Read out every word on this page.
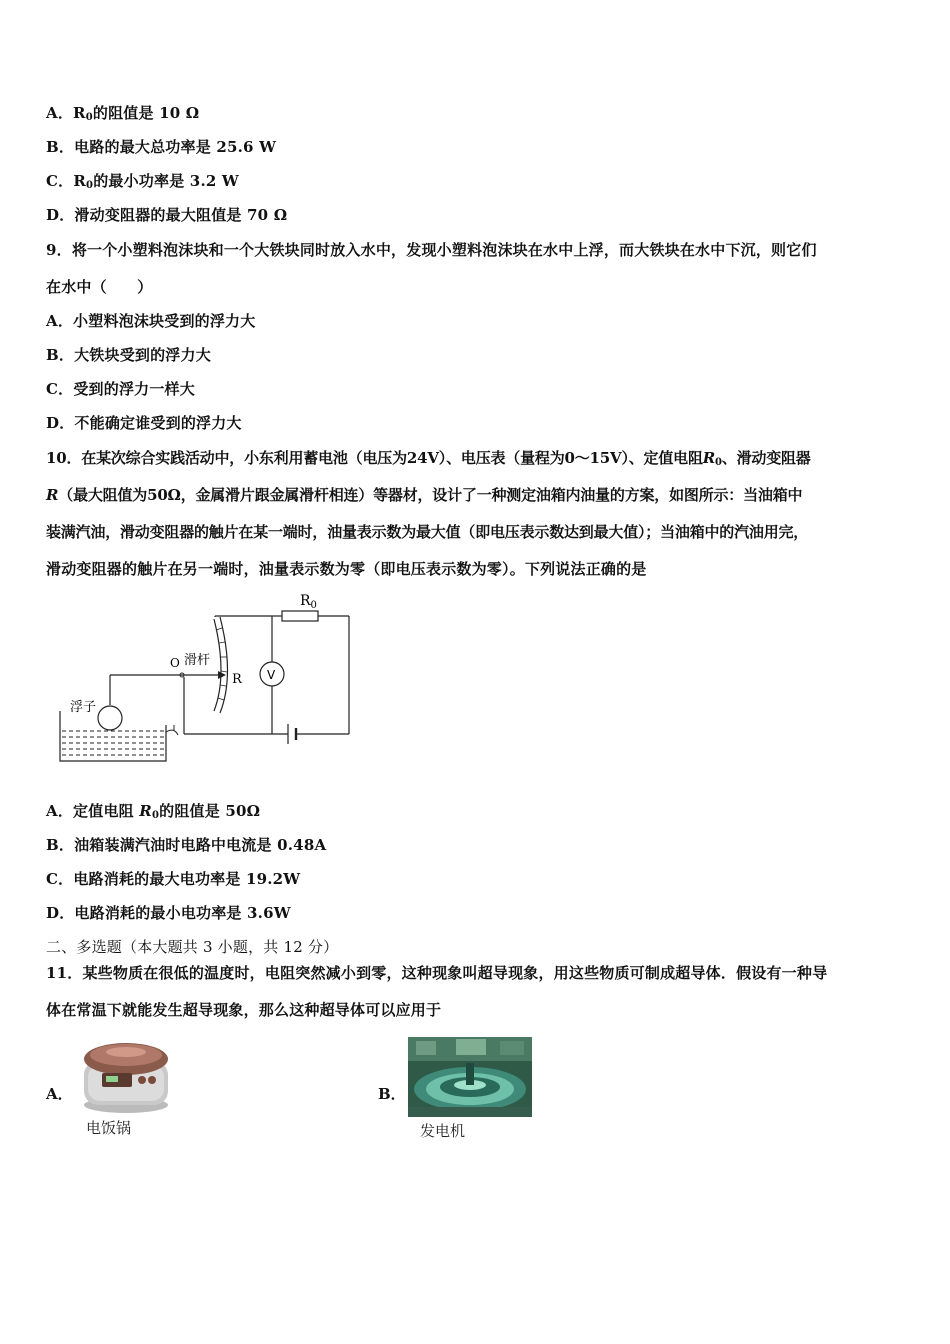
A．$R_0$的阻值是 10 Ω
B．电路的最大总功率是 25.6 W
C．$R_0$的最小功率是 3.2 W
D．滑动变阻器的最大阻值是 70 Ω
9．将一个小塑料泡沫块和一个大铁块同时放入水中，发现小塑料泡沫块在水中上浮，而大铁块在水中下沉，则它们
在水中（　　）
A．小塑料泡沫块受到的浮力大
B．大铁块受到的浮力大
C．受到的浮力一样大
D．不能确定谁受到的浮力大
10．在某次综合实践活动中，小东利用蓄电池（电压为24V）、电压表（量程为0～15V）、定值电阻$R_0$、滑动变阻器
R（最大阻值为50Ω，金属滑片跟金属滑杆相连）等器材，设计了一种测定油箱内油量的方案，如图所示：当油箱中
装满汽油，滑动变阻器的触片在某一端时，油量表示数为最大值（即电压表示数达到最大值）；当油箱中的汽油用完，
滑动变阻器的触片在另一端时，油量表示数为零（即电压表示数为零）。下列说法正确的是
$R_0$
V
R
滑杆
O
浮子
A．定值电阻 $R_0$的阻值是 50Ω
B．油箱装满汽油时电路中电流是 0.48A
C．电路消耗的最大电功率是 19.2W
D．电路消耗的最小电功率是 3.6W
二、多选题（本大题共 3 小题，共 12 分）
11．某些物质在很低的温度时，电阻突然减小到零，这种现象叫超导现象，用这些物质可制成超导体．假设有一种导
体在常温下就能发生超导现象，那么这种超导体可以应用于
A．
电饭锅
B．
发电机
